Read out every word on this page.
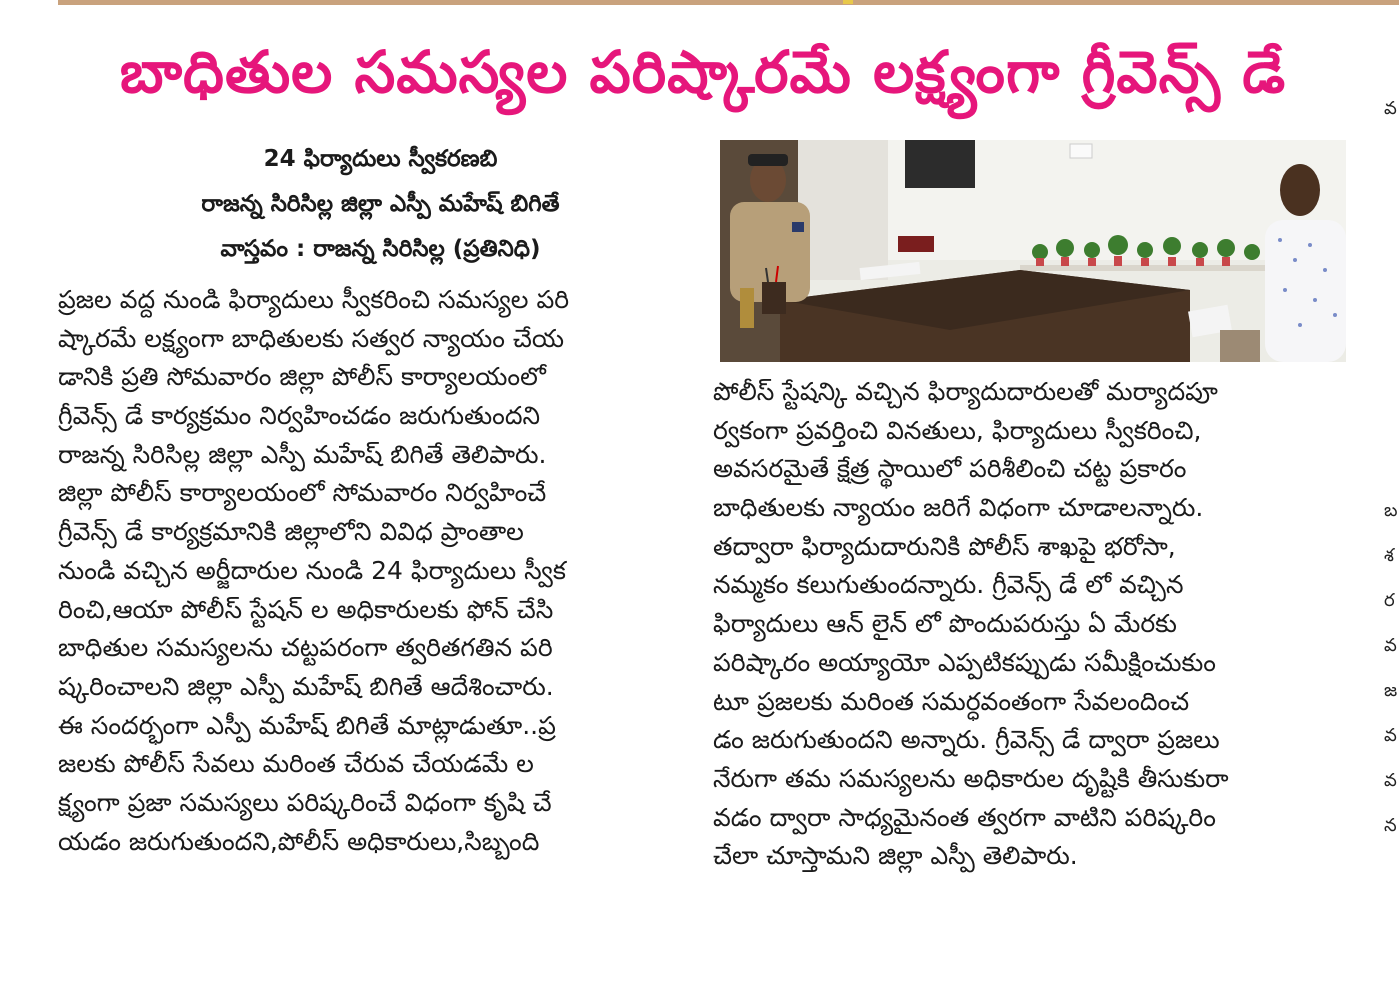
బాధితుల సమస్యల పరిష్కారమే లక్ష్యంగా గ్రీవెన్స్ డే
24 ఫిర్యాదులు స్వీకరణబి
రాజన్న సిరిసిల్ల జిల్లా ఎస్పీ మహేష్ బిగితే
వాస్తవం : రాజన్న సిరిసిల్ల (ప్రతినిధి)
ప్రజల వద్ద నుండి ఫిర్యాదులు స్వీకరించి సమస్యల పరి
ష్కారమే లక్ష్యంగా బాధితులకు సత్వర న్యాయం చేయ
డానికి ప్రతి సోమవారం జిల్లా పోలీస్ కార్యాలయంలో
గ్రీవెన్స్ డే కార్యక్రమం నిర్వహించడం జరుగుతుందని
రాజన్న సిరిసిల్ల జిల్లా ఎస్పీ మహేష్ బిగితే తెలిపారు.
జిల్లా పోలీస్ కార్యాలయంలో సోమవారం నిర్వహించే
గ్రీవెన్స్ డే కార్యక్రమానికి జిల్లాలోని వివిధ ప్రాంతాల
నుండి వచ్చిన అర్జీదారుల నుండి 24 ఫిర్యాదులు స్వీక
రించి,ఆయా పోలీస్ స్టేషన్ ల అధికారులకు ఫోన్ చేసి
బాధితుల సమస్యలను చట్టపరంగా త్వరితగతిన పరి
ష్కరించాలని జిల్లా ఎస్పీ మహేష్ బిగితే ఆదేశించారు.
ఈ సందర్భంగా ఎస్పీ మహేష్ బిగితే మాట్లాడుతూ..ప్ర
జలకు పోలీస్ సేవలు మరింత చేరువ చేయడమే ల
క్ష్యంగా ప్రజా సమస్యలు పరిష్కరించే విధంగా కృషి చే
యడం జరుగుతుందని,పోలీస్ అధికారులు,సిబ్బంది
పోలీస్ స్టేషన్కి వచ్చిన ఫిర్యాదుదారులతో మర్యాదపూ
ర్వకంగా ప్రవర్తించి వినతులు, ఫిర్యాదులు స్వీకరించి,
అవసరమైతే క్షేత్ర స్థాయిలో పరిశీలించి చట్ట ప్రకారం
బాధితులకు న్యాయం జరిగే విధంగా చూడాలన్నారు.
తద్వారా ఫిర్యాదుదారునికి పోలీస్ శాఖపై భరోసా,
నమ్మకం కలుగుతుందన్నారు. గ్రీవెన్స్ డే లో వచ్చిన
ఫిర్యాదులు ఆన్ లైన్ లో పొందుపరుస్తు ఏ మేరకు
పరిష్కారం అయ్యాయో ఎప్పటికప్పుడు సమీక్షించుకుం
టూ ప్రజలకు మరింత సమర్ధవంతంగా సేవలందించ
డం జరుగుతుందని అన్నారు. గ్రీవెన్స్ డే ద్వారా ప్రజలు
నేరుగా తమ సమస్యలను అధికారుల దృష్టికి తీసుకురా
వడం ద్వారా సాధ్యమైనంత త్వరగా వాటిని పరిష్కరిం
చేలా చూస్తామని జిల్లా ఎస్పీ తెలిపారు.
వ
బ
శ
ర
వ
జ
వ
వ
న
